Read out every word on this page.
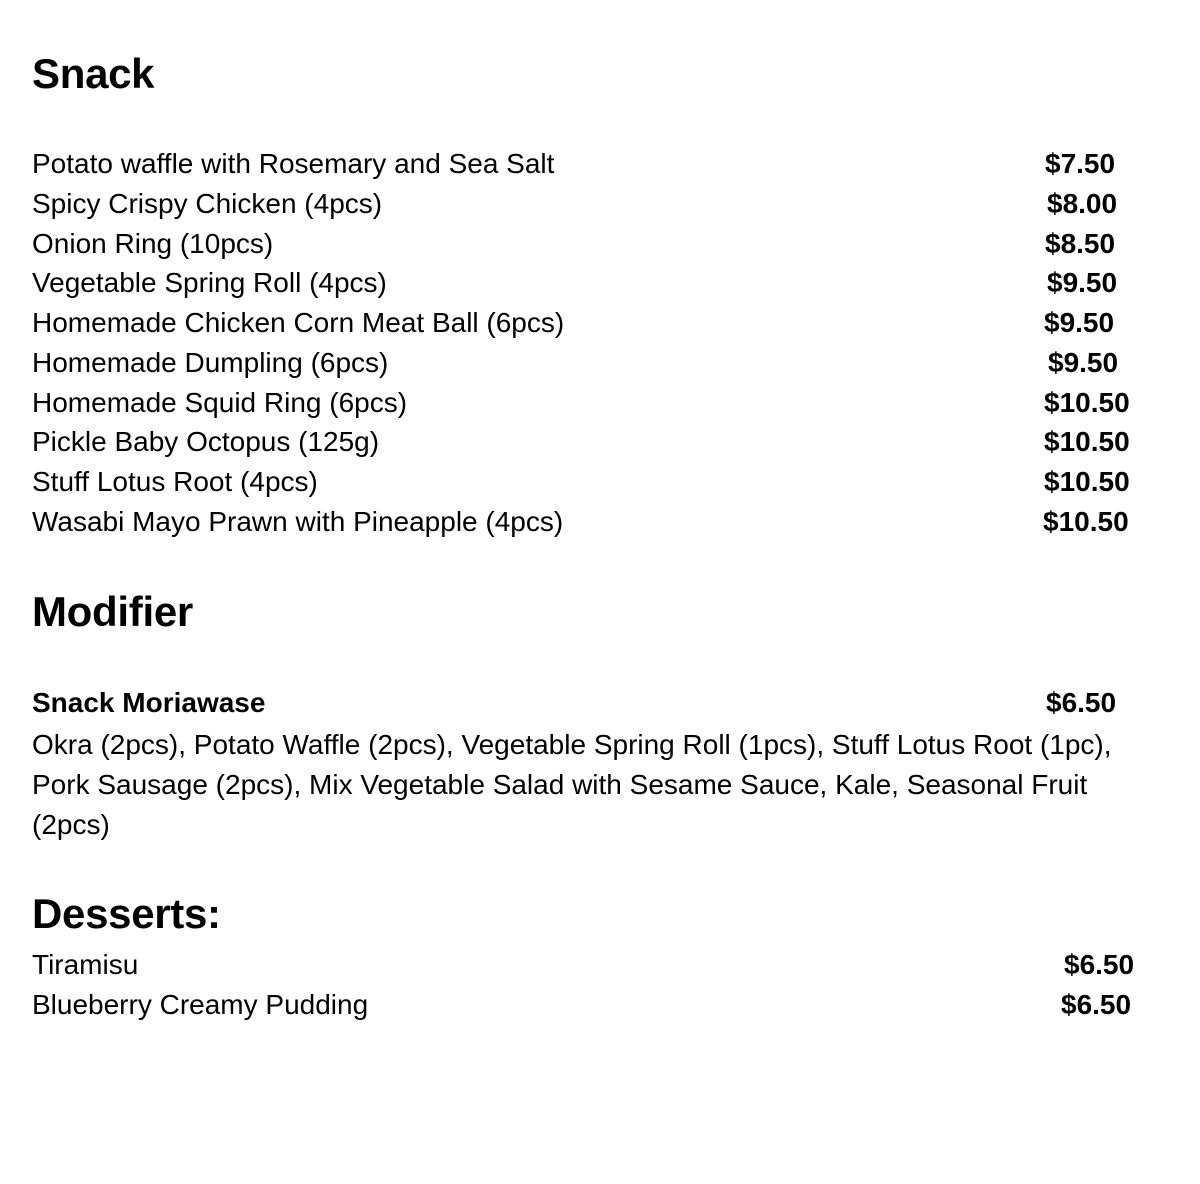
Snack
Potato waffle with Rosemary and Sea Salt	$7.50
Spicy Crispy Chicken (4pcs)	$8.00
Onion Ring (10pcs)	$8.50
Vegetable Spring Roll (4pcs)	$9.50
Homemade Chicken Corn Meat Ball (6pcs)	$9.50
Homemade Dumpling (6pcs)	$9.50
Homemade Squid Ring (6pcs)	$10.50
Pickle Baby Octopus (125g)	$10.50
Stuff Lotus Root (4pcs)	$10.50
Wasabi Mayo Prawn with Pineapple (4pcs)	$10.50
Modifier
Snack Moriawase	$6.50

Okra (2pcs), Potato Waffle (2pcs), Vegetable Spring Roll (1pcs), Stuff Lotus Root (1pc), Pork Sausage (2pcs), Mix Vegetable Salad with Sesame Sauce, Kale, Seasonal Fruit (2pcs)

Desserts:
Tiramisu	$6.50
Blueberry Creamy Pudding	$6.50
